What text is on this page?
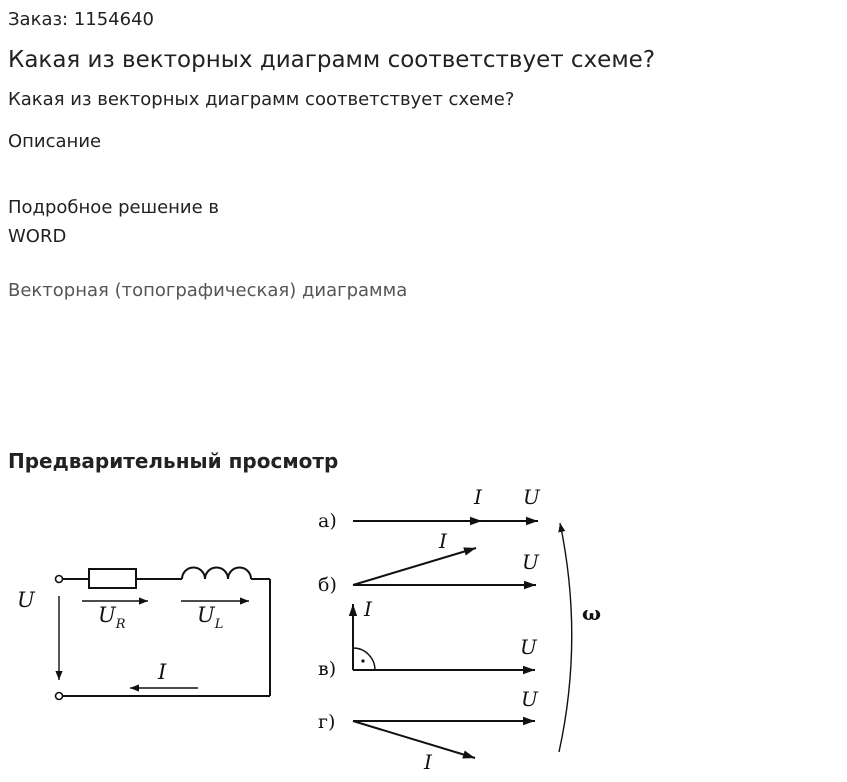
Заказ: 1154640
Какая из векторных диаграмм соответствует схеме?
Какая из векторных диаграмм соответствует схеме?
Описание
Подробное решение в WORD
Векторная (топографическая) диаграмма
Предварительный просмотр
U
$U_R$	$U_L$
I
а)
б)
в)
г)
I U
I
U
I
U
U
I
ω
